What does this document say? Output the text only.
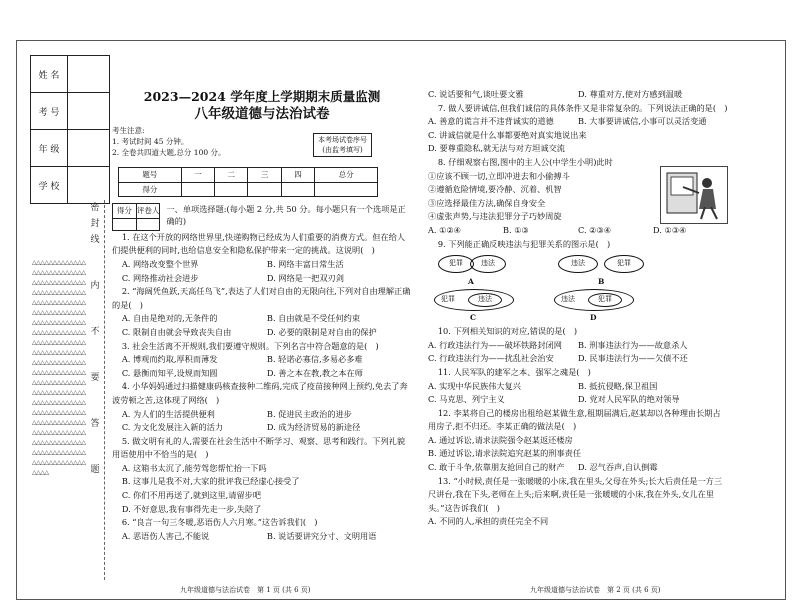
姓 名	
考 号	
年 级	
学 校	
△△△△△△△△△△△△△△△△△△△△△△△△△△△△△△△△△△△△△△△△△△△△△△△△△△△△△△△△△△△△△△△△△△△△△△△△△△△△△△△△△△△△△△△△△△△△△△△△△△△△△△△△△△△△△△△△△△△△△△△△△△△△△△△△△△△△△△△△△△△△△△△△△△△△△△△△△△△△△△△△△△△△△△△△△△△△△△△△△△△△△△△△△△△△△△△△△△△△△△△△△△△△△△△△△△△△△△△△△△△△△△△△△△△△△△△△△△△△△△△△△△△△△△△△△△△△△△△△△△△△△△△△△△△△△△△△△△△△△
密
封
线
内
不
要
答
题
2023—2024 学年度上学期期末质量监测
八年级道德与法治试卷
考生注意:
1. 考试时间 45 分钟。
2. 全卷共四道大题,总分 100 分。
本考场试卷序号
(由监考填写)
题号	一	二	三	四	总分
得分					
得分	评卷人
	一、单项选择题:(每小题 2 分,共 50 分。每小题只有一个选项是正确的)

1. 在这个开放的网络世界里,快递购物已经成为人们重要的消费方式。但在给人们提供便利的同时,也给信息安全和隐私保护带来一定的挑战。这说明(　)

A. 网络改变整个世界	B. 网络丰富日常生活
C. 网络推动社会进步	D. 网络是一把双刃剑

2. “海阔凭鱼跃,天高任鸟飞”,表达了人们对自由的无限向往,下列对自由理解正确的是(　)

A. 自由是绝对的,无条件的	B. 自由就是不受任何约束
C. 限制自由就会导致丧失自由	D. 必要的限制是对自由的保护

3. 社会生活离不开规则,我们要遵守规则。下列名言中符合题意的是(　)

A. 博观而约取,厚积而薄发	B. 轻诺必寡信,多易必多难
C. 悬衡而知平,设规而知圆	D. 善之本在教,教之本在师

4. 小华妈妈通过扫描健康码核查接种二维码,完成了疫苗接种网上预约,免去了奔波劳顿之苦,这体现了网络(　)

A. 为人们的生活提供便利	B. 促进民主政治的进步
C. 为文化发展注入新的活力	D. 成为经济贸易的新途径

5. 做文明有礼的人,需要在社会生活中不断学习、观察、思考和践行。下列礼貌用语使用中不恰当的是(　)

A. 这箱书太沉了,能劳驾您帮忙抬一下吗

B. 这事儿是我不对,大家的批评我已经虚心接受了

C. 你们不用再送了,就到这里,请留步吧

D. 不好意思,我有事得先走一步,失陪了

6. “良言一句三冬暖,恶语伤人六月寒。”这告诉我们(　)

A. 恶语伤人害己,不能说	B. 说话要讲究分寸、文明用语
九年级道德与法治试卷　第 1 页 (共 6 页)
C. 说话要和气,谈吐要文雅	D. 尊重对方,使对方感到温暖

7. 做人要讲诚信,但我们诚信的具体条件又是非常复杂的。下列说法正确的是(　)

A. 善意的谎言并不违背诚实的道德	B. 大事要讲诚信,小事可以灵活变通

C. 讲诚信就是什么事都要绝对真实地说出来

D. 要尊重隐私,就无法与对方坦诚交流

8. 仔细观察右图,图中的主人公(中学生小明)此时

①应该不顾一切,立即冲进去和小偷搏斗

②遵循危险情境,要冷静、沉着、机智

③应选择最佳方法,确保自身安全

④虚张声势,与违法犯罪分子巧妙周旋

A. ①②④	B. ①③	C. ②③④	D. ①③④

9. 下列能正确反映违法与犯罪关系的图示是(　)

犯罪	违法
A
违法	犯罪
B
犯罪	违法
C
违法	犯罪
D

10. 下列相关知识的对应,错误的是(　)

A. 行政违法行为——破坏铁路封闭网	B. 刑事违法行为——故意杀人
C. 行政违法行为——扰乱社会治安	D. 民事违法行为——欠债不还

11. 人民军队的建军之本、强军之魂是(　)

A. 实现中华民族伟大复兴	B. 抵抗侵略,保卫祖国
C. 马克思、列宁主义	D. 党对人民军队的绝对领导

12. 李某将自己的楼房出租给赵某做生意,租期届满后,赵某却以各种理由长期占用房子,拒不归还。李某正确的做法是(　)

A. 通过诉讼,请求法院强令赵某返还楼房

B. 通过诉讼,请求法院追究赵某的刑事责任

C. 敢于斗争,依靠朋友抢回自己的财产	D. 忍气吞声,自认倒霉

13. “小时候,责任是一张暖暖的小床,我在里头,父母在外头;长大后责任是一方三尺讲台,我在下头,老师在上头;后来啊,责任是一张暖暖的小床,我在外头,女儿在里头。”这告诉我们(　)

A. 不同的人,承担的责任完全不同

九年级道德与法治试卷　第 2 页 (共 6 页)
